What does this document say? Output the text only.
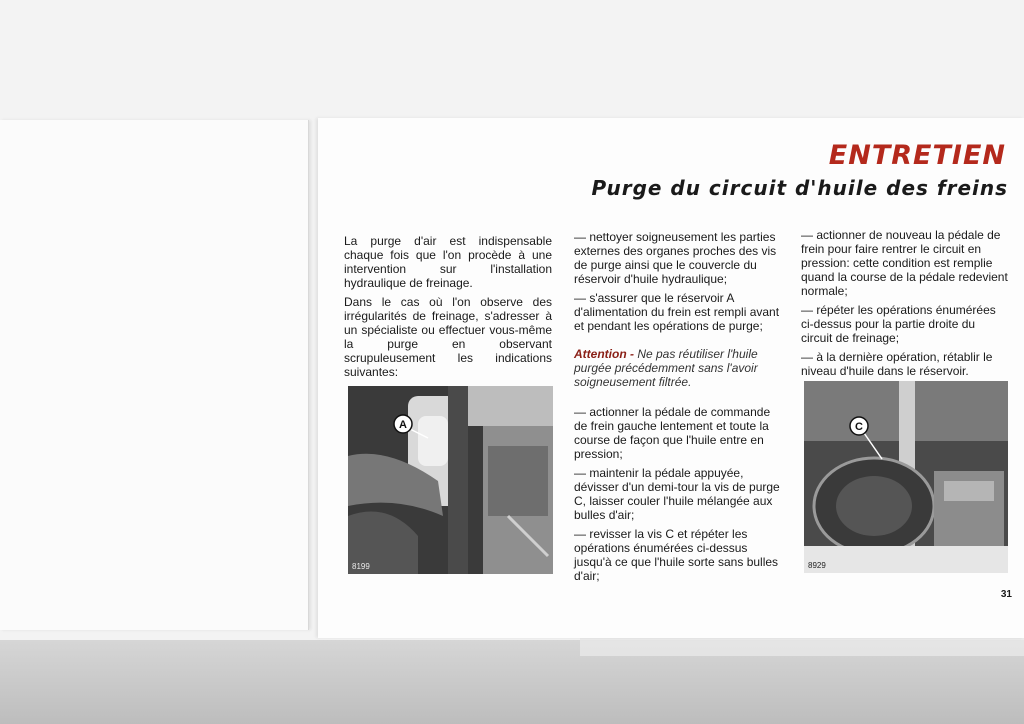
ENTRETIEN
Purge du circuit d'huile des freins

La purge d'air est indispensable chaque fois que l'on procède à une intervention sur l'installation hydraulique de freinage.

Dans le cas où l'on observe des irrégularités de freinage, s'adresser à un spécialiste ou effectuer vous-même la purge en observant scrupuleusement les indications suivantes:

A
8199

— nettoyer soigneusement les parties externes des organes proches des vis de purge ainsi que le couvercle du réservoir d'huile hydraulique;

— s'assurer que le réservoir A d'alimentation du frein est rempli avant et pendant les opérations de purge;

Attention - Ne pas réutiliser l'huile purgée précédemment sans l'avoir soigneusement filtrée.

— actionner la pédale de commande de frein gauche lentement et toute la course de façon que l'huile entre en pression;

— maintenir la pédale appuyée, dévisser d'un demi-tour la vis de purge C, laisser couler l'huile mélangée aux bulles d'air;

— revisser la vis C et répéter les opérations énumérées ci-dessus jusqu'à ce que l'huile sorte sans bulles d'air;

— actionner de nouveau la pédale de frein pour faire rentrer le circuit en pression: cette condition est remplie quand la course de la pédale redevient normale;

— répéter les opérations énumérées ci-dessus pour la partie droite du circuit de freinage;

— à la dernière opération, rétablir le niveau d'huile dans le réservoir.

C
8929
31
